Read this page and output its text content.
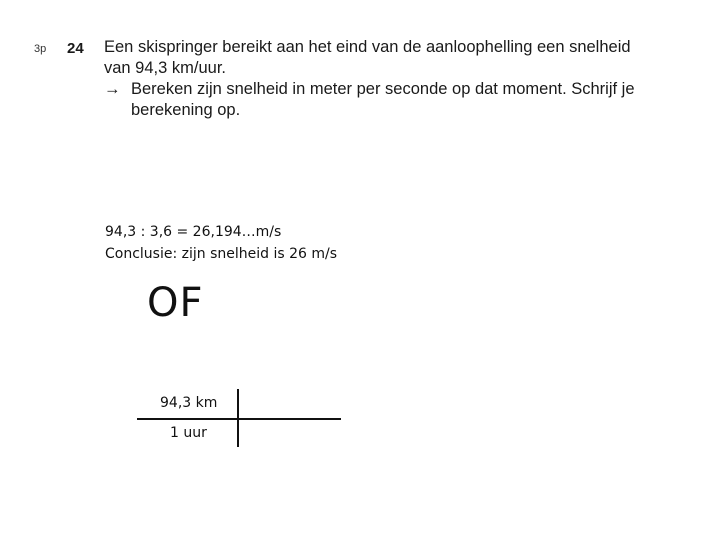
3p 24 Een skispringer bereikt aan het eind van de aanloophelling een snelheid
van 94,3 km/uur.
→ Bereken zijn snelheid in meter per seconde op dat moment. Schrijf je
berekening op.
94,3 : 3,6 = 26,194…m/s
Conclusie: zijn snelheid is 26 m/s
OF
94,3 km
1 uur
